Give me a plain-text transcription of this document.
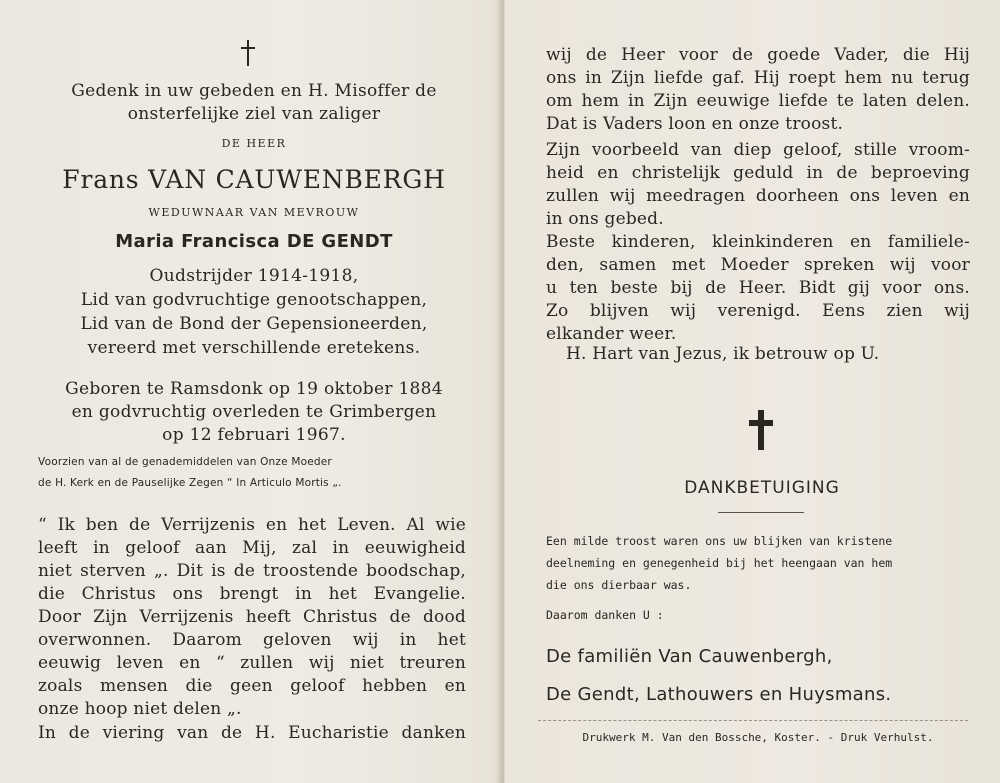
Gedenk in uw gebeden en H. Misoffer de
onsterfelijke ziel van zaliger
DE HEER
Frans VAN CAUWENBERGH
WEDUWNAAR VAN MEVROUW
Maria Francisca DE GENDT
Oudstrijder 1914-1918,
Lid van godvruchtige genootschappen,
Lid van de Bond der Gepensioneerden,
vereerd met verschillende eretekens.
Geboren te Ramsdonk op 19 oktober 1884
en godvruchtig overleden te Grimbergen
op 12 februari 1967.
Voorzien van al de genademiddelen van Onze Moeder
de H. Kerk en de Pauselijke Zegen “ In Articulo Mortis „.
“ Ik ben de Verrijzenis en het Leven. Al wie
leeft in geloof aan Mij, zal in eeuwigheid
niet sterven „. Dit is de troostende boodschap,
die Christus ons brengt in het Evangelie.
Door Zijn Verrijzenis heeft Christus de dood
overwonnen. Daarom geloven wij in het
eeuwig leven en “ zullen wij niet treuren
zoals mensen die geen geloof hebben en
onze hoop niet delen „.
In de viering van de H. Eucharistie danken
wij de Heer voor de goede Vader, die Hij
ons in Zijn liefde gaf. Hij roept hem nu terug
om hem in Zijn eeuwige liefde te laten delen.
Dat is Vaders loon en onze troost.
Zijn voorbeeld van diep geloof, stille vroom-
heid en christelijk geduld in de beproeving
zullen wij meedragen doorheen ons leven en
in ons gebed.
Beste kinderen, kleinkinderen en familiele-
den, samen met Moeder spreken wij voor
u ten beste bij de Heer. Bidt gij voor ons.
Zo blijven wij verenigd. Eens zien wij
elkander weer.
H. Hart van Jezus, ik betrouw op U.
DANKBETUIGING
Een milde troost waren ons uw blijken van kristene
deelneming en genegenheid bij het heengaan van hem
die ons dierbaar was.
Daarom danken U :
De familiën Van Cauwenbergh,
De Gendt, Lathouwers en Huysmans.
Drukwerk M. Van den Bossche, Koster. - Druk Verhulst.
